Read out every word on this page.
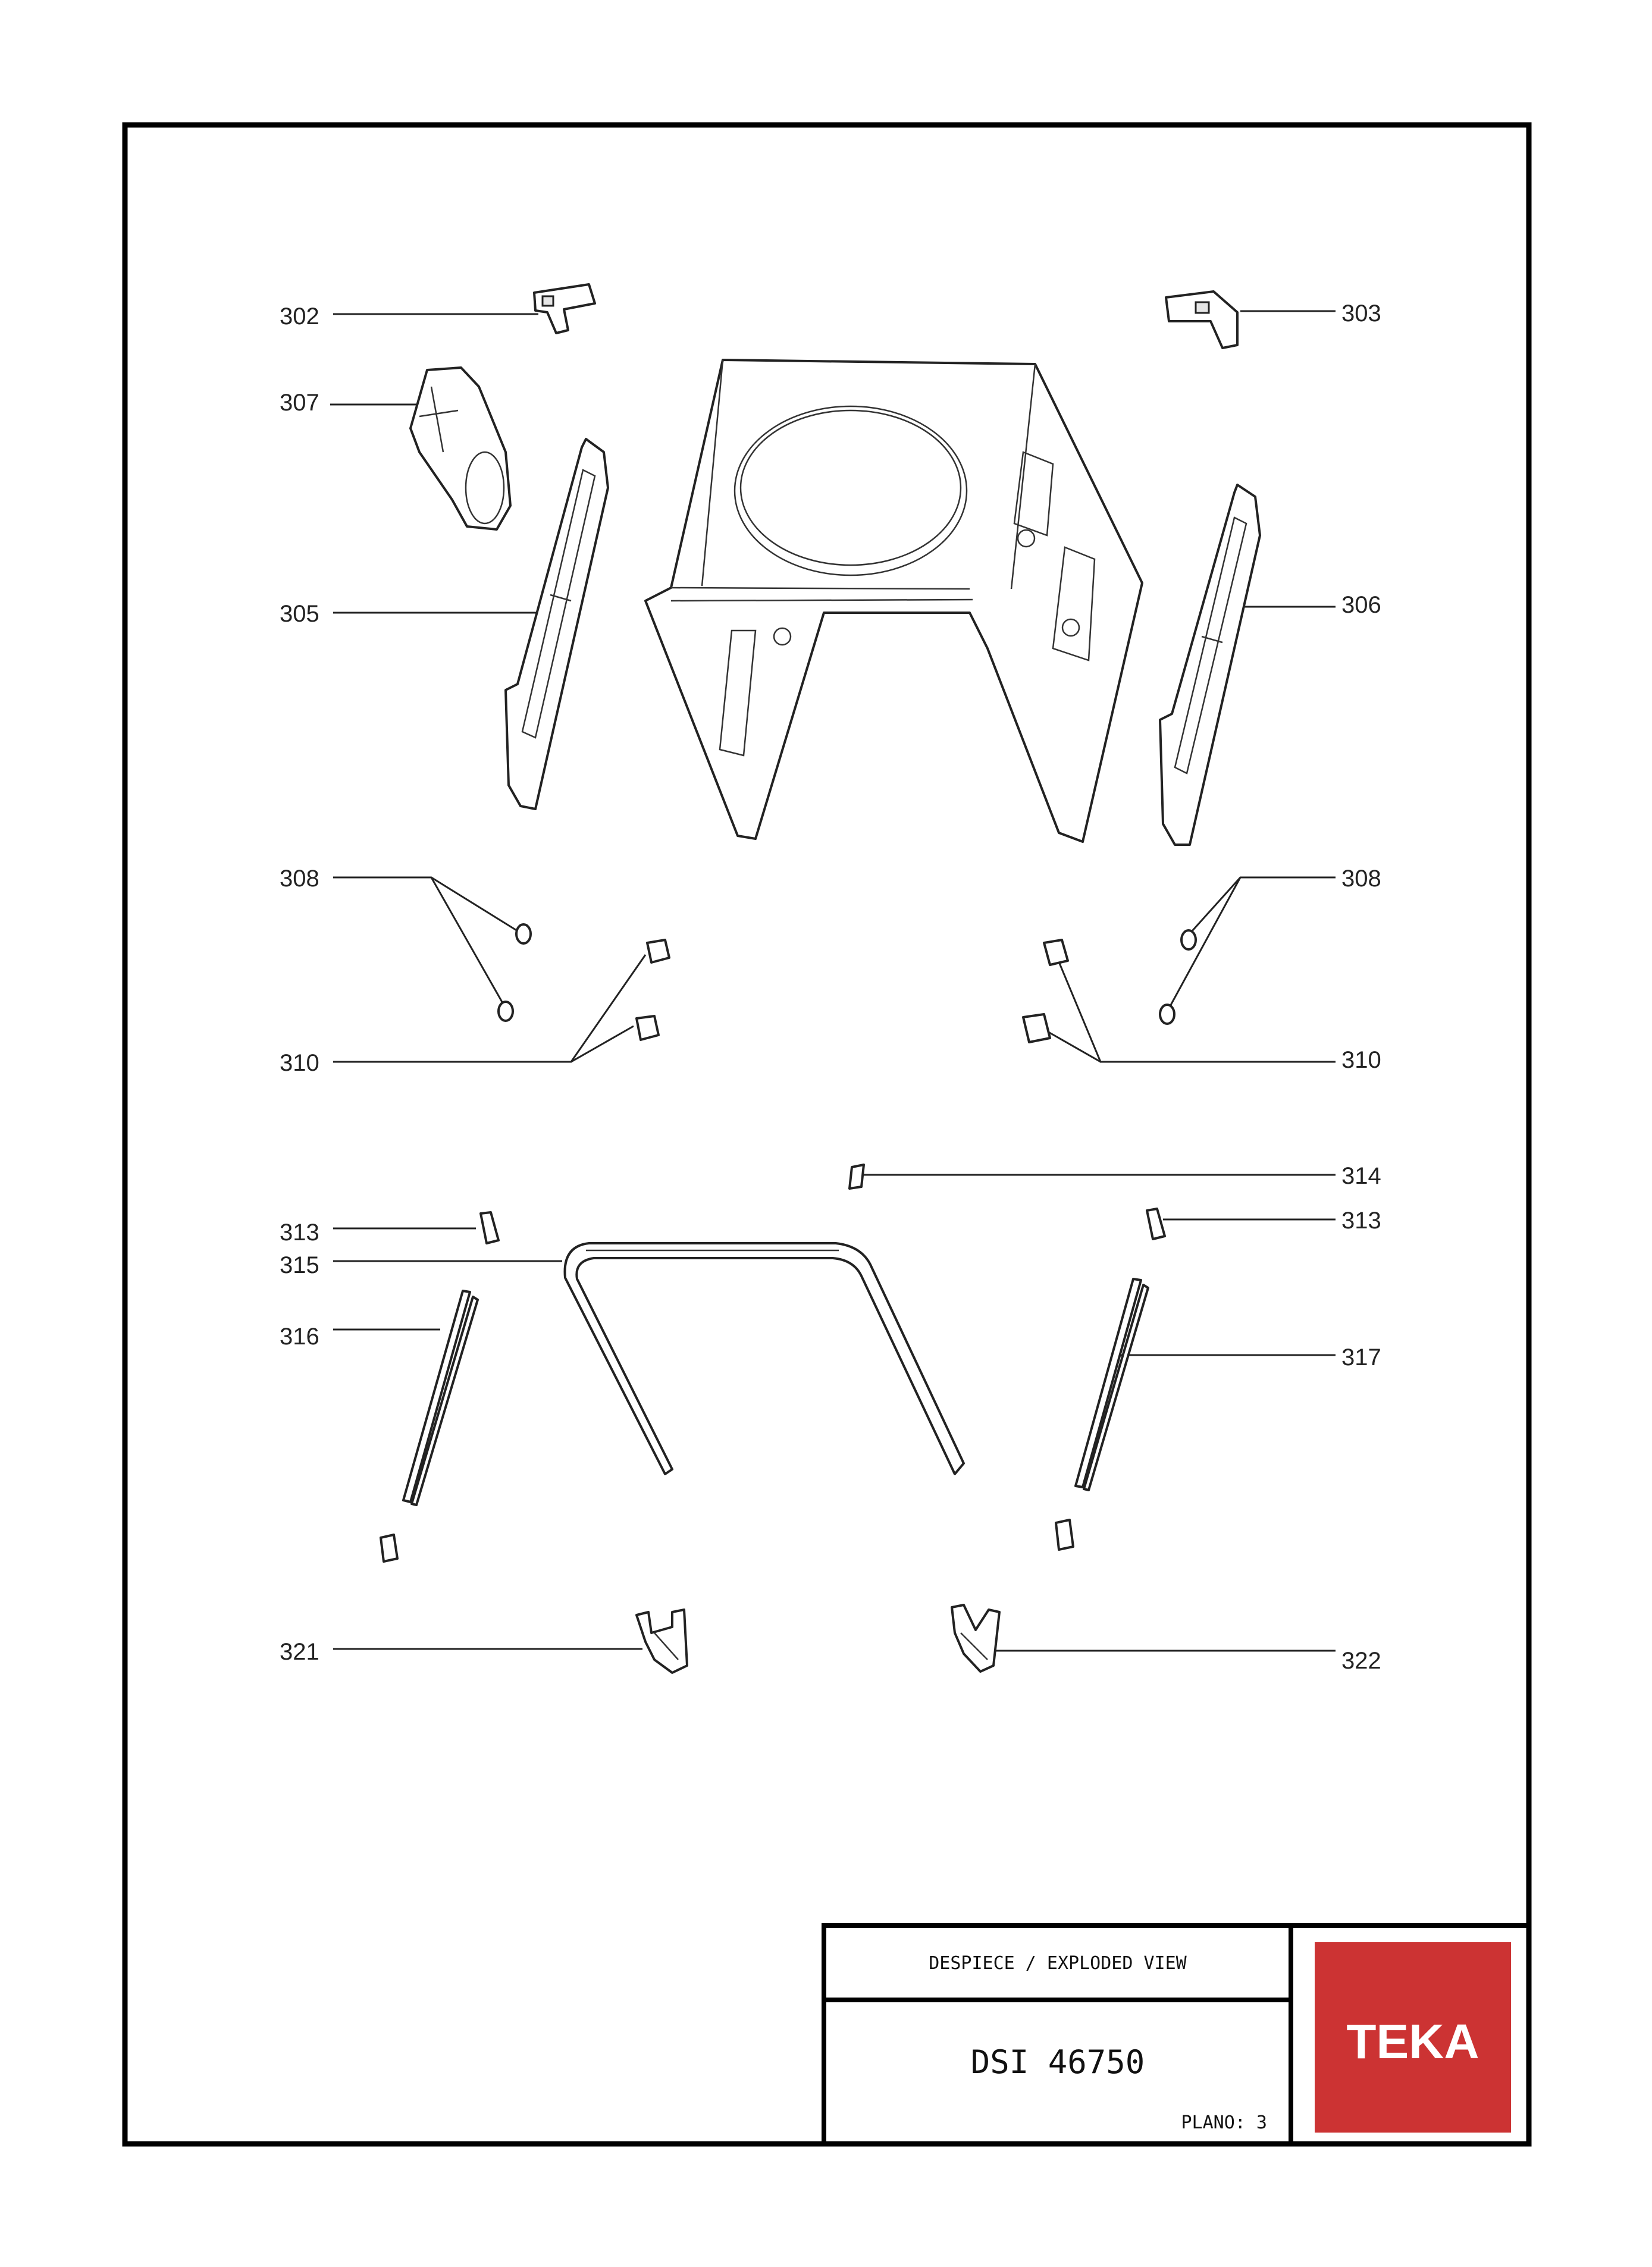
302	303
307
305	306
308	308
310	310
314
313	313
315
316
317
321	322
DESPIECE / EXPLODED VIEW
DSI 46750
PLANO: 3
TEKA
